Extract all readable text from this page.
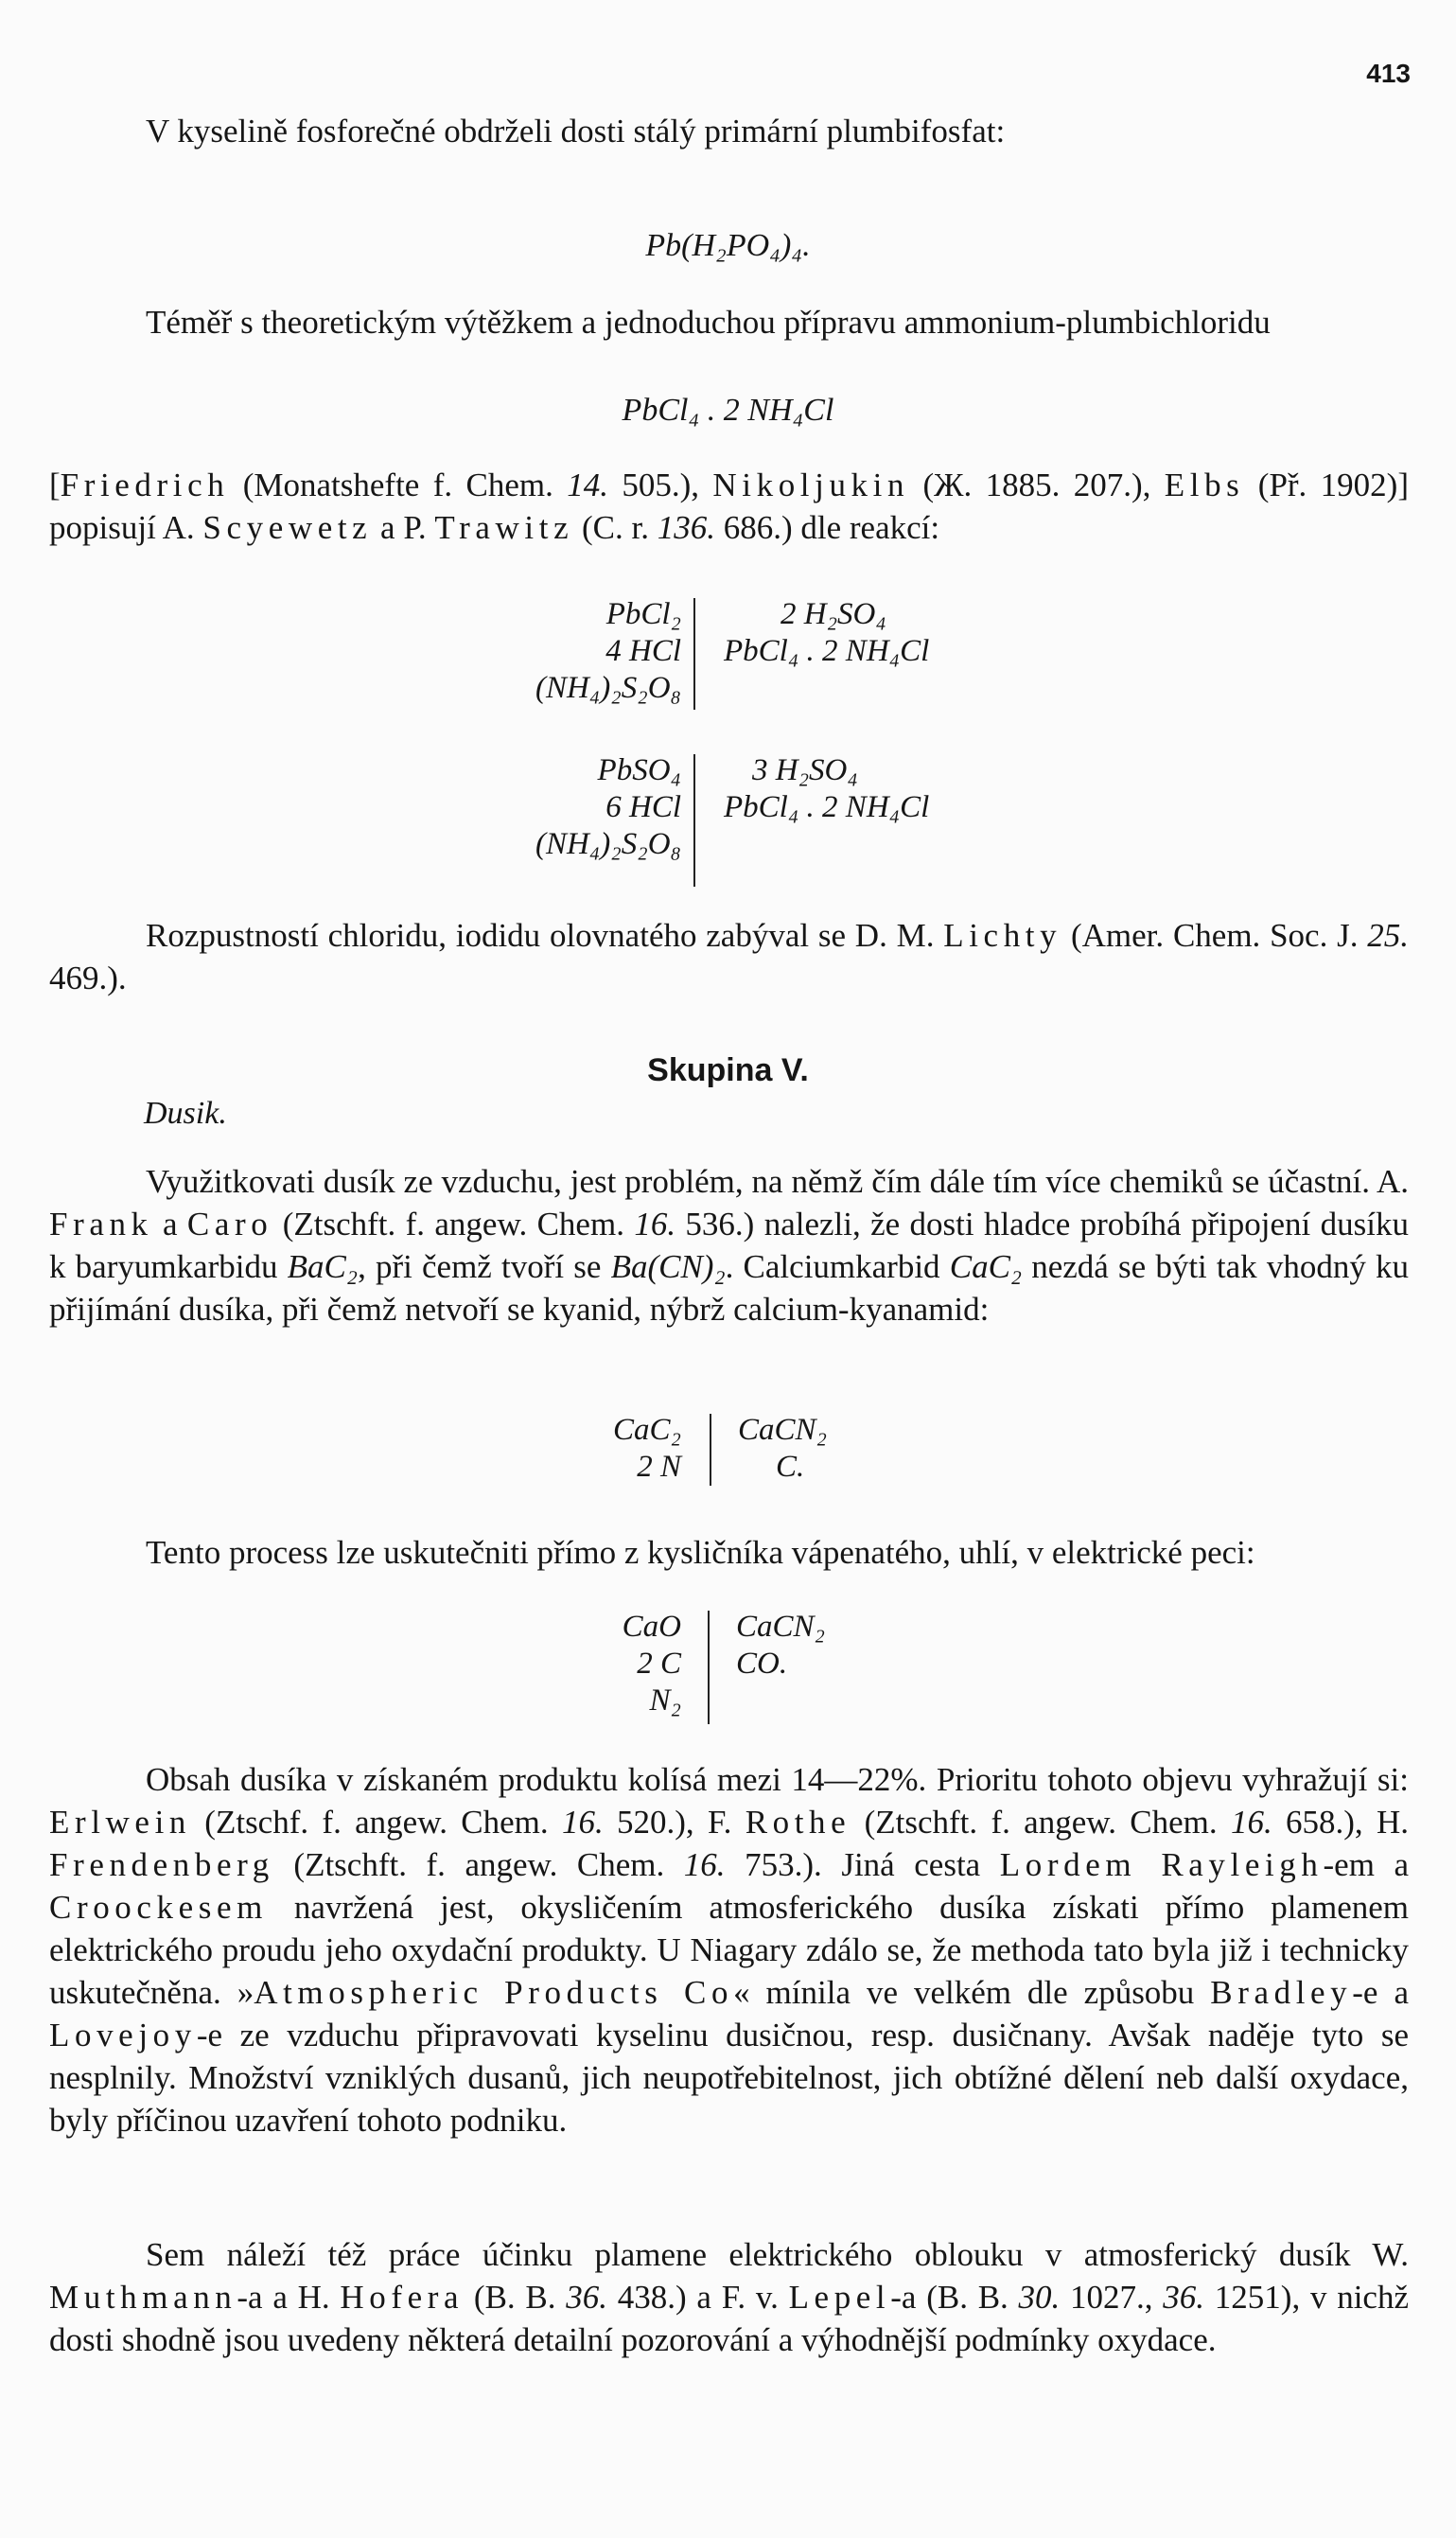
413

V kyselině fosforečné obdrželi dosti stálý primární plumbifosfat:

Pb(H₂PO₄)₄.

Téměř s theoretickým výtěžkem a jednoduchou přípravu ammonium-plumbichloridu

PbCl₄ . 2 NH₄Cl

[Friedrich (Monatshefte f. Chem. 14. 505.), Nikoljukin (Ж. 1885. 207.), Elbs (Př. 1902)] popisují A. Scyewetz a P. Trawitz (C. r. 136. 686.) dle reakcí:

PbCl₂
4 HCl
(NH₄)₂S₂O₈
2 H₂SO₄
PbCl₄ . 2 NH₄Cl
PbSO₄
6 HCl
(NH₄)₂S₂O₈
3 H₂SO₄
PbCl₄ . 2 NH₄Cl

Rozpustností chloridu, iodidu olovnatého zabýval se D. M. Lichty (Amer. Chem. Soc. J. 25. 469.).

Skupina V.
Dusik.

Využitkovati dusík ze vzduchu, jest problém, na němž čím dále tím více chemiků se účastní. A. Frank a Caro (Ztschft. f. angew. Chem. 16. 536.) nalezli, že dosti hladce probíhá připojení dusíku k baryumkarbidu BaC₂, při čemž tvoří se Ba(CN)₂. Calciumkarbid CaC₂ nezdá se býti tak vhodný ku přijímání dusíka, při čemž netvoří se kyanid, nýbrž calcium-kyanamid:

CaC₂
2 N
CaCN₂
C.

Tento process lze uskutečniti přímo z kysličníka vápenatého, uhlí, v elektrické peci:

CaO
2 C
N₂
CaCN₂
CO.

Obsah dusíka v získaném produktu kolísá mezi 14—22%. Prioritu tohoto objevu vyhražují si: Erlwein (Ztschf. f. angew. Chem. 16. 520.), F. Rothe (Ztschft. f. angew. Chem. 16. 658.), H. Frendenberg (Ztschft. f. angew. Chem. 16. 753.). Jiná cesta Lordem Rayleigh-em a Croockesem navržená jest, okysličením atmosferického dusíka získati přímo plamenem elektrického proudu jeho oxydační produkty. U Niagary zdálo se, že methoda tato byla již i technicky uskutečněna. »Atmospheric Products Co« mínila ve velkém dle způsobu Bradley-e a Lovejoy-e ze vzduchu připravovati kyselinu dusičnou, resp. dusičnany. Avšak naděje tyto se nesplnily. Množství vzniklých dusanů, jich neupotřebitelnost, jich obtížné dělení neb další oxydace, byly příčinou uzavření tohoto podniku.

Sem náleží též práce účinku plamene elektrického oblouku v atmosferický dusík W. Muthmann-a a H. Hofera (B. B. 36. 438.) a F. v. Lepel-a (B. B. 30. 1027., 36. 1251), v nichž dosti shodně jsou uvedeny některá detailní pozorování a výhodnější podmínky oxydace.
